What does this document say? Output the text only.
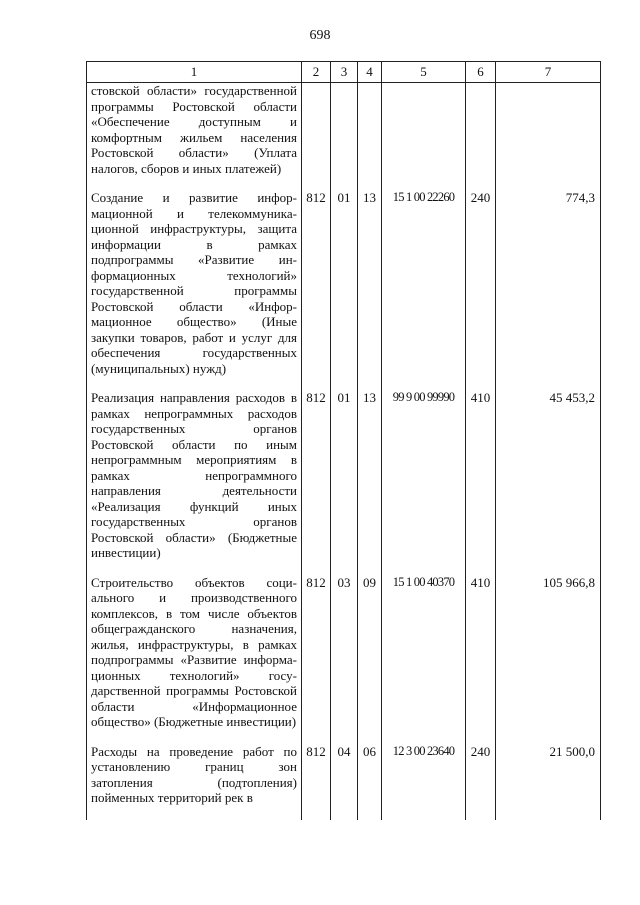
698
1	2	3	4	5	6	7
стовской области» государственной программы Ростовской области «Обеспечение доступным и комфортным жильем населения Ростовской области» (Уплата налогов, сборов и иных платежей)						
Создание и развитие информационной и телекоммуникационной инфраструктуры, защита информации в рамках подпрограммы «Развитие информационных технологий» государственной программы Ростовской области «Информационное общество» (Иные закупки товаров, работ и услуг для обеспечения государственных (муниципальных) нужд)	812	01	13	15 1 00 22260	240	774,3
Реализация направления расходов в рамках непрограммных расходов государственных органов Ростовской области по иным непрограммным мероприятиям в рамках непрограммного направления деятельности «Реализация функций иных государственных органов Ростовской области» (Бюджетные инвестиции)	812	01	13	99 9 00 99990	410	45 453,2
Строительство объектов социального и производственного комплексов, в том числе объектов общегражданского назначения, жилья, инфраструктуры, в рамках подпрограммы «Развитие информационных технологий» государственной программы Ростовской области «Информационное общество» (Бюджетные инвестиции)	812	03	09	15 1 00 40370	410	105 966,8
Расходы на проведение работ по установлению границ зон затопления (подтопления) пойменных территорий рек в	812	04	06	12 3 00 23640	240	21 500,0
